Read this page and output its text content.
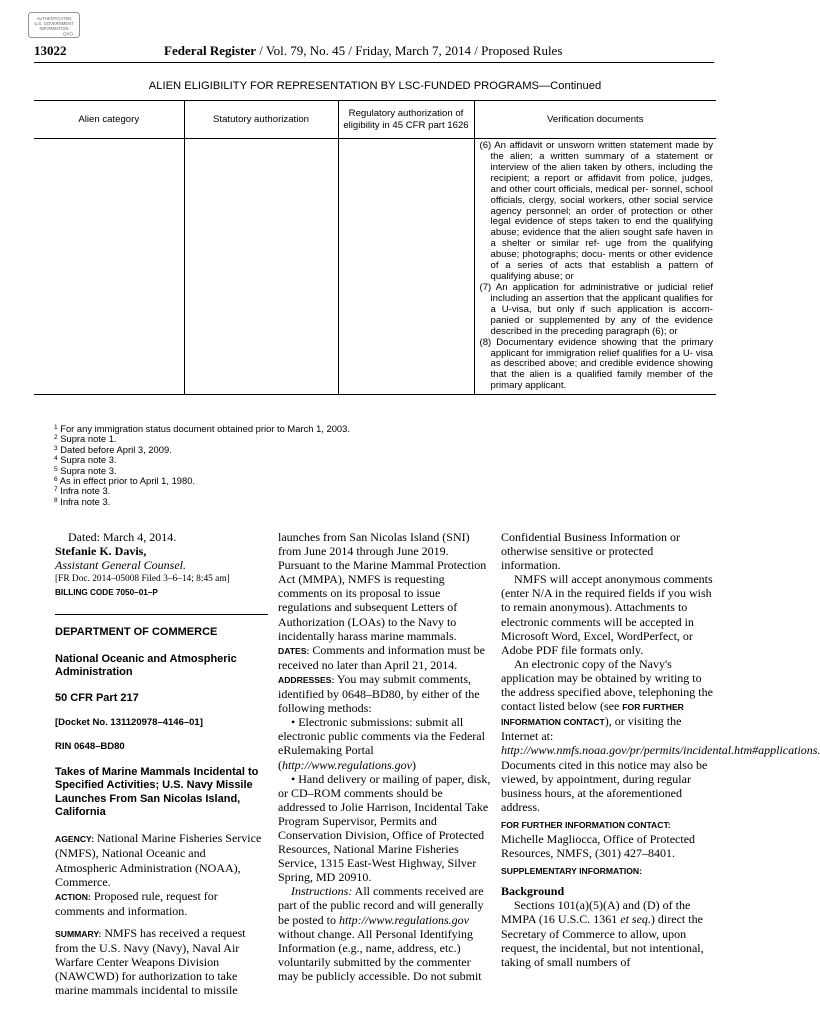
AUTHENTICATED
U.S. GOVERNMENT
INFORMATION
GPO
13022	Federal Register / Vol. 79, No. 45 / Friday, March 7, 2014 / Proposed Rules
ALIEN ELIGIBILITY FOR REPRESENTATION BY LSC-FUNDED PROGRAMS—Continued
Alien category	Statutory authorization	Regulatory authorization of eligibility in 45 CFR part 1626	Verification documents

			(6) An affidavit or unsworn written statement made by the alien; a written summary of a statement or interview of the alien taken by others, including the recipient; a report or affidavit from police, judges, and other court officials, medical per- sonnel, school officials, clergy, social workers, other social service agency personnel; an order of protection or other legal evidence of steps taken to end the qualifying abuse; evidence that the alien sought safe haven in a shelter or similar ref- uge from the qualifying abuse; photographs; docu- ments or other evidence of a series of acts that establish a pattern of qualifying abuse; or

(7) An application for administrative or judicial relief including an assertion that the applicant qualifies for a U-visa, but only if such application is accom- panied or supplemented by any of the evidence described in the preceding paragraph (6); or

(8) Documentary evidence showing that the primary applicant for immigration relief qualifies for a U- visa as described above; and credible evidence showing that the alien is a qualified family member of the primary applicant.

$^1$ For any immigration status document obtained prior to March 1, 2003.
$^2$ Supra note 1.
$^3$ Dated before April 3, 2009.
$^4$ Supra note 3.
$^5$ Supra note 3.
$^6$ As in effect prior to April 1, 1980.
$^7$ Infra note 3.
$^8$ Infra note 3.

Dated: March 4, 2014.

Stefanie K. Davis,

Assistant General Counsel.

[FR Doc. 2014–05008 Filed 3–6–14; 8:45 am]

BILLING CODE 7050–01–P

DEPARTMENT OF COMMERCE

National Oceanic and Atmospheric Administration

50 CFR Part 217

[Docket No. 131120978–4146–01]

RIN 0648–BD80

Takes of Marine Mammals Incidental to Specified Activities; U.S. Navy Missile Launches From San Nicolas Island, California

AGENCY: National Marine Fisheries Service (NMFS), National Oceanic and Atmospheric Administration (NOAA), Commerce.

ACTION: Proposed rule, request for comments and information.

SUMMARY: NMFS has received a request from the U.S. Navy (Navy), Naval Air Warfare Center Weapons Division (NAWCWD) for authorization to take marine mammals incidental to missile

launches from San Nicolas Island (SNI) from June 2014 through June 2019. Pursuant to the Marine Mammal Protection Act (MMPA), NMFS is requesting comments on its proposal to issue regulations and subsequent Letters of Authorization (LOAs) to the Navy to incidentally harass marine mammals.

DATES: Comments and information must be received no later than April 21, 2014.

ADDRESSES: You may submit comments, identified by 0648–BD80, by either of the following methods:

• Electronic submissions: submit all electronic public comments via the Federal eRulemaking Portal (http://www.regulations.gov)

• Hand delivery or mailing of paper, disk, or CD–ROM comments should be addressed to Jolie Harrison, Incidental Take Program Supervisor, Permits and Conservation Division, Office of Protected Resources, National Marine Fisheries Service, 1315 East-West Highway, Silver Spring, MD 20910.

Instructions: All comments received are part of the public record and will generally be posted to http://www.regulations.gov without change. All Personal Identifying Information (e.g., name, address, etc.) voluntarily submitted by the commenter may be publicly accessible. Do not submit

Confidential Business Information or otherwise sensitive or protected information.

NMFS will accept anonymous comments (enter N/A in the required fields if you wish to remain anonymous). Attachments to electronic comments will be accepted in Microsoft Word, Excel, WordPerfect, or Adobe PDF file formats only.

An electronic copy of the Navy's application may be obtained by writing to the address specified above, telephoning the contact listed below (see FOR FURTHER INFORMATION CONTACT), or visiting the Internet at: http://www.nmfs.noaa.gov/pr/permits/incidental.htm#applications. Documents cited in this notice may also be viewed, by appointment, during regular business hours, at the aforementioned address.

FOR FURTHER INFORMATION CONTACT:

Michelle Magliocca, Office of Protected Resources, NMFS, (301) 427–8401.

SUPPLEMENTARY INFORMATION:

Background

Sections 101(a)(5)(A) and (D) of the MMPA (16 U.S.C. 1361 et seq.) direct the Secretary of Commerce to allow, upon request, the incidental, but not intentional, taking of small numbers of
